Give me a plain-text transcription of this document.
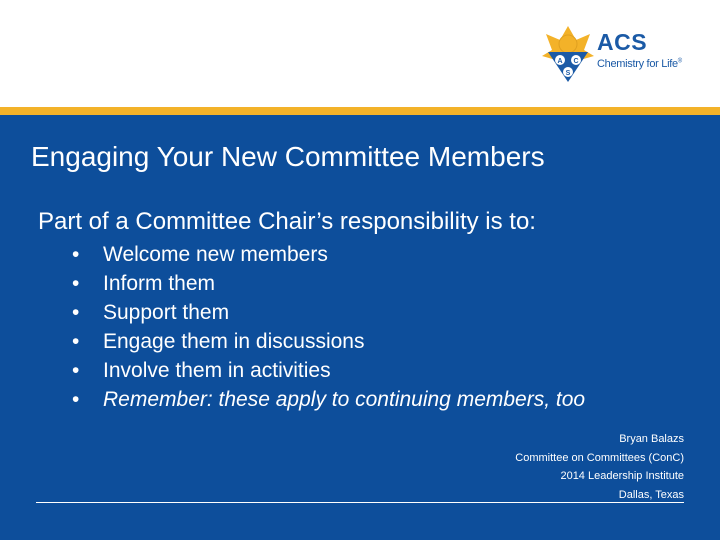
A C
S
ACS
Chemistry for Life®
Engaging Your New Committee Members
Part of a Committee Chair’s responsibility is to:
•	Welcome new members
•	Inform them
•	Support them
•	Engage them in discussions
•	Involve them in activities
•	Remember: these apply to continuing members, too
Bryan Balazs
Committee on Committees (ConC)
2014 Leadership Institute
Dallas, Texas
